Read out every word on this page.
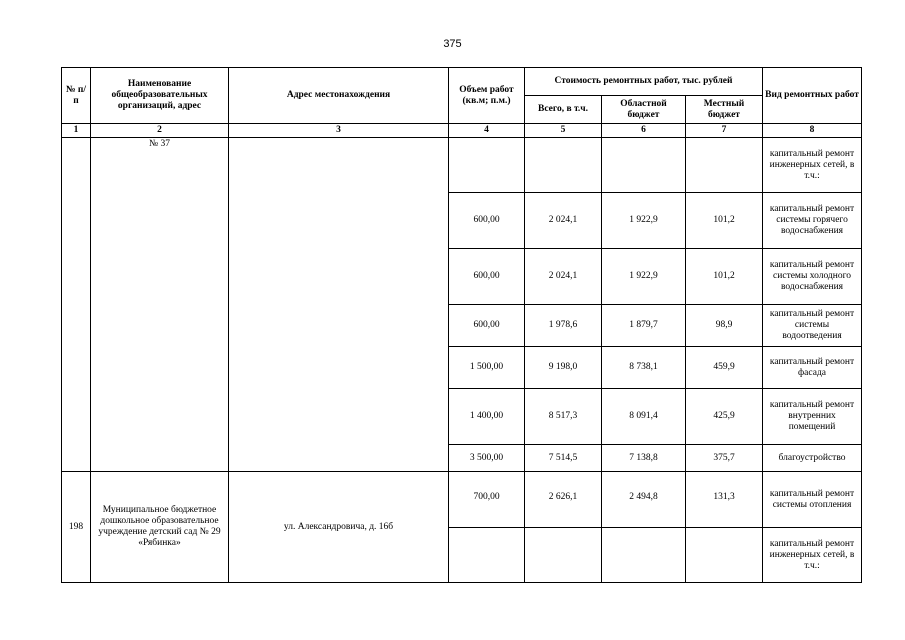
375
№ п/п	Наименование общеобразовательных организаций, адрес	Адрес местонахождения	Объем работ (кв.м; п.м.)	Стоимость ремонтных работ, тыс. рублей			Вид ремонтных работ
				Всего, в т.ч.	Областной бюджет	Местный бюджет	
1	2	3	4	5	6	7	8
	№ 37						капитальный ремонт инженерных сетей, в т.ч.:
			600,00	2 024,1	1 922,9	101,2	капитальный ремонт системы горячего водоснабжения
			600,00	2 024,1	1 922,9	101,2	капитальный ремонт системы холодного водоснабжения
			600,00	1 978,6	1 879,7	98,9	капитальный ремонт системы водоотведения
			1 500,00	9 198,0	8 738,1	459,9	капитальный ремонт фасада
			1 400,00	8 517,3	8 091,4	425,9	капитальный ремонт внутренних помещений
			3 500,00	7 514,5	7 138,8	375,7	благоустройство
198	Муниципальное бюджетное дошкольное образовательное учреждение детский сад № 29 «Рябинка»	ул. Александровича, д. 16б	700,00	2 626,1	2 494,8	131,3	капитальный ремонт системы отопления
							капитальный ремонт инженерных сетей, в т.ч.:
